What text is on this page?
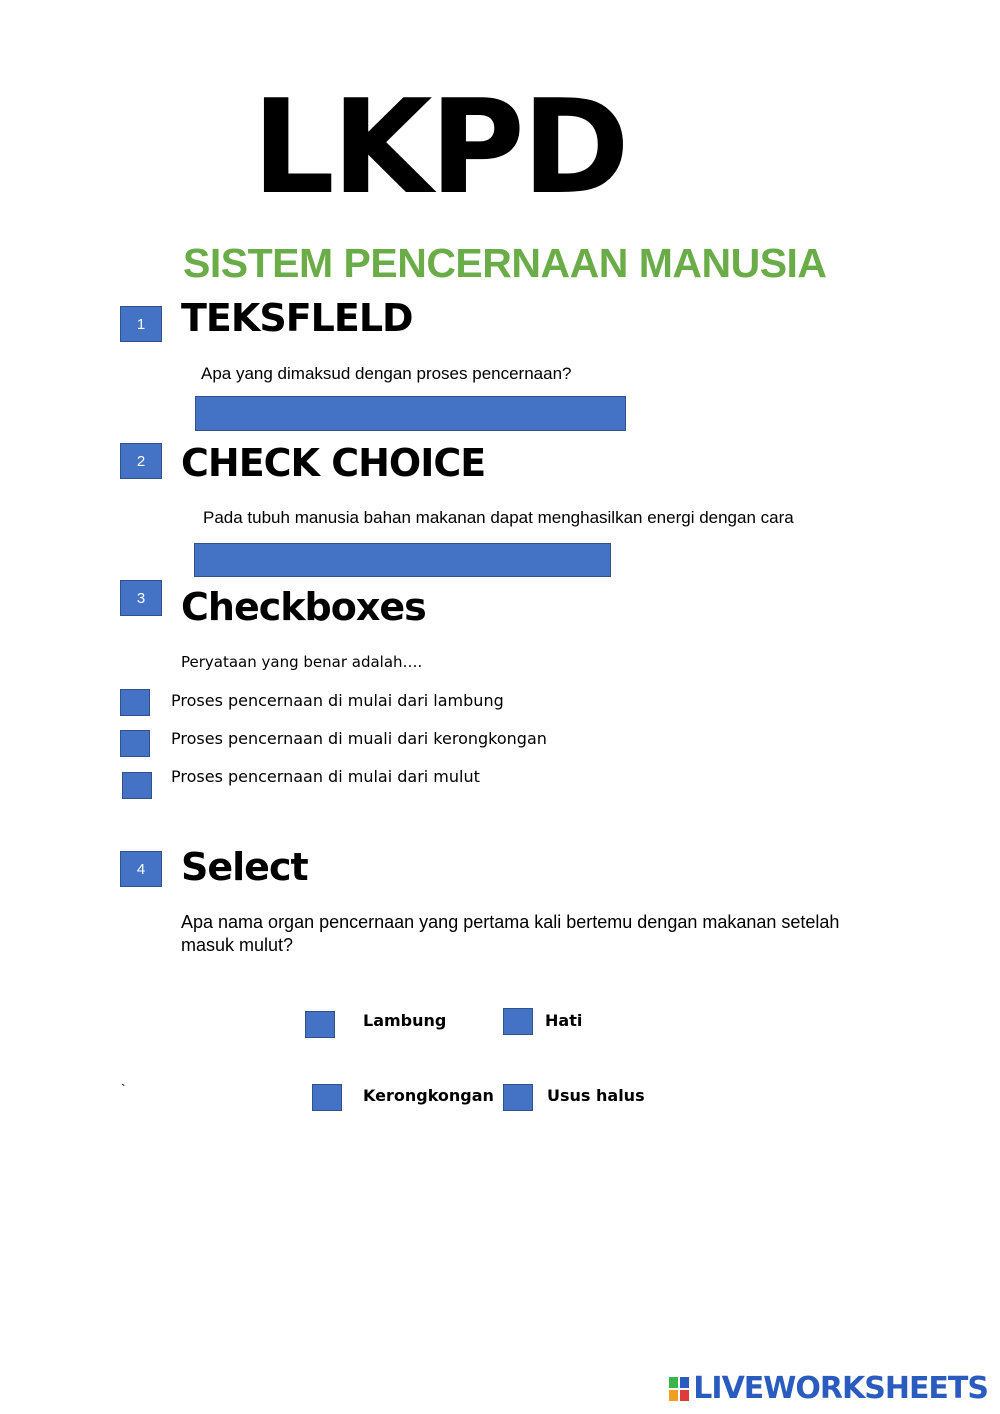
LKPD
SISTEM PENCERNAAN MANUSIA
1 TEKSFLELD
Apa yang dimaksud dengan proses pencernaan?
2 CHECK CHOICE
Pada tubuh manusia bahan makanan dapat menghasilkan energi dengan cara
3 Checkboxes
Peryataan yang benar adalah….
Proses pencernaan di mulai dari lambung
Proses pencernaan di muali dari kerongkongan
Proses pencernaan di mulai dari mulut
4 Select
Apa nama organ pencernaan yang pertama kali bertemu dengan makanan setelah
masuk mulut?
Lambung	Hati
`	Kerongkongan	Usus halus
LIVEWORKSHEETS
